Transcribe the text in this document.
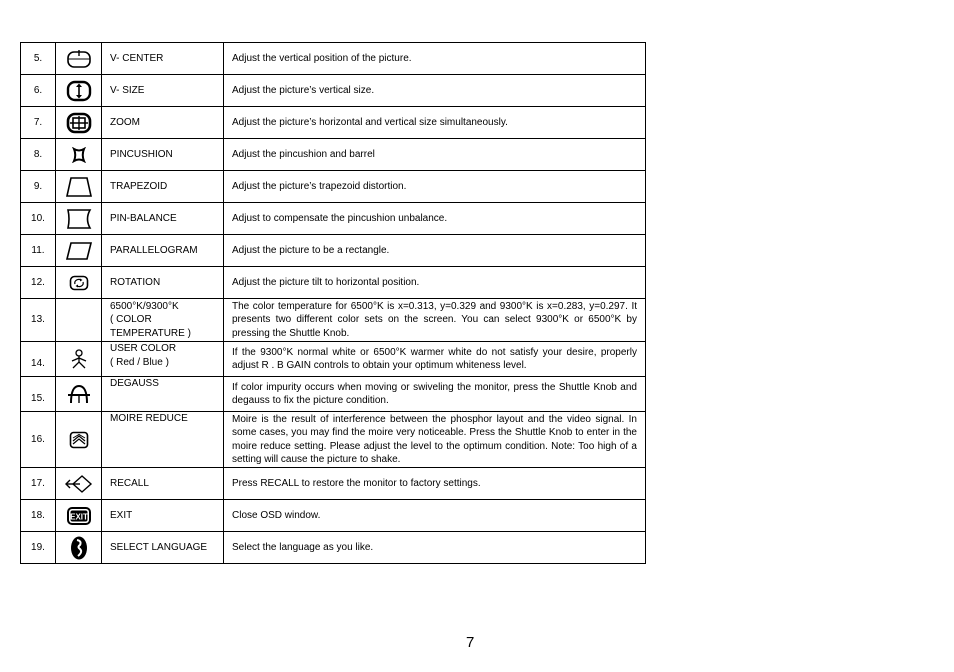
5.		V- CENTER	Adjust the vertical position of the picture.
6.		V- SIZE	Adjust the picture’s vertical size.
7.		ZOOM	Adjust the picture’s horizontal and vertical size simultaneously.
8.		PINCUSHION	Adjust the pincushion and barrel
9.		TRAPEZOID	Adjust the picture’s trapezoid distortion.
10.		PIN-BALANCE	Adjust to compensate the pincushion unbalance.
11.		PARALLELOGRAM	Adjust the picture to be a rectangle.
12.		ROTATION	Adjust the picture tilt to horizontal position.
13.		6500°K/9300°K
( COLOR
TEMPERATURE )	The color temperature for 6500°K is x=0.313, y=0.329 and 9300°K is x=0.283, y=0.297. It presents two different color sets on the screen. You can select 9300°K or 6500°K by pressing the Shuttle Knob.
14.		USER COLOR
( Red / Blue )	If the 9300°K normal white or 6500°K warmer white do not satisfy your desire, properly adjust R . B GAIN controls to obtain your optimum whiteness level.
15.		DEGAUSS	If color impurity occurs when moving or swiveling the monitor, press the Shuttle Knob and degauss to fix the picture condition.
16.		MOIRE REDUCE	Moire is the result of interference between the phosphor layout and the video signal. In some cases, you may find the moire very noticeable. Press the Shuttle Knob to enter in the moire reduce setting. Please adjust the level to the optimum condition. Note: Too high of a setting will cause the picture to shake.
17.		RECALL	Press RECALL to restore the monitor to factory settings.
18.	EXIT	EXIT	Close OSD window.
19.		SELECT LANGUAGE	Select the language as you like.
7
